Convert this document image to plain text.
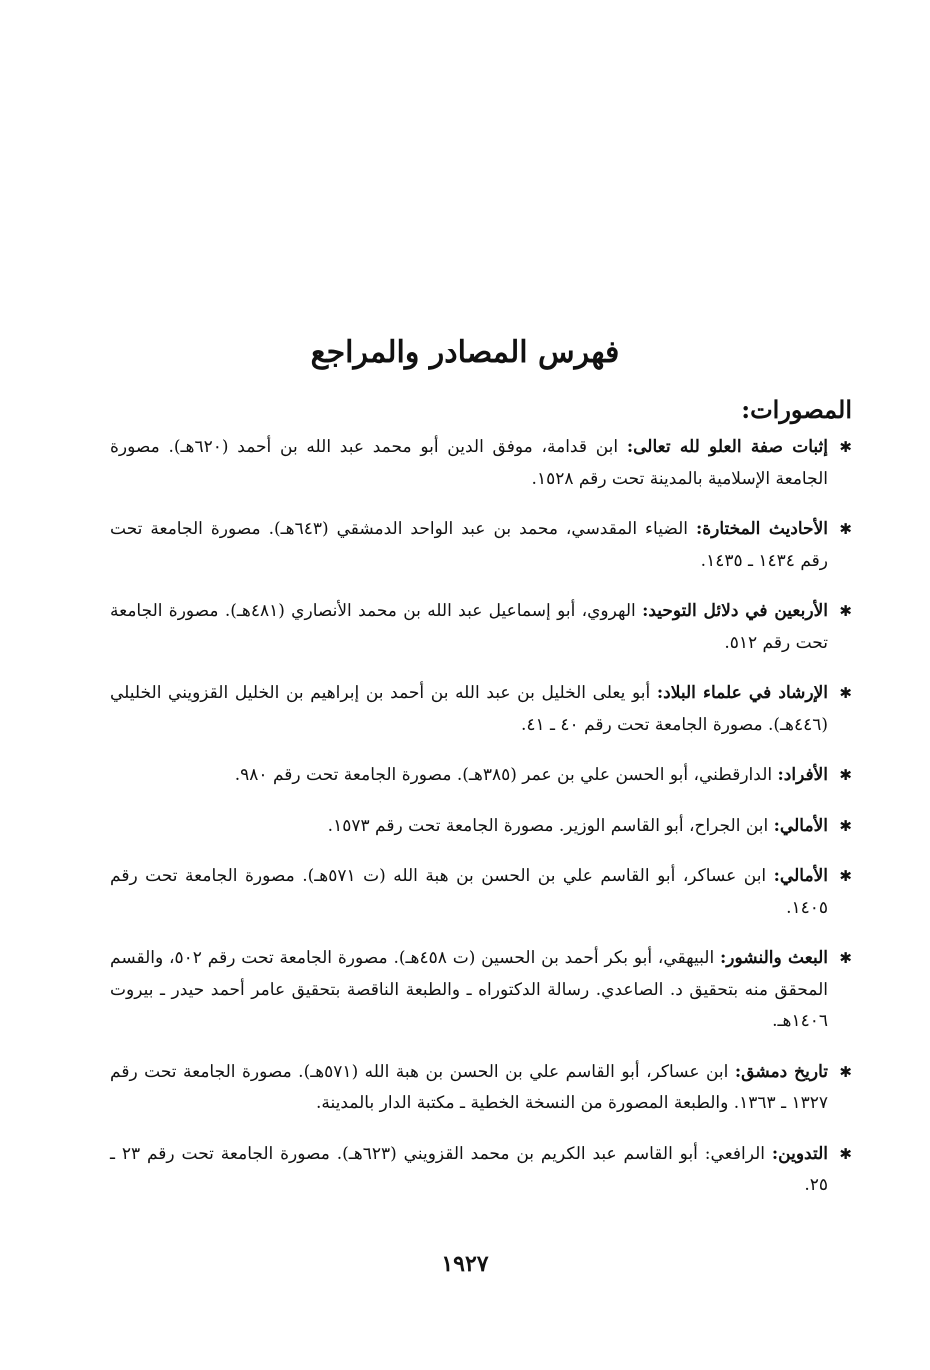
فهرس المصادر والمراجع
المصورات:
✱
إثبات صفة العلو لله تعالى: ابن قدامة، موفق الدين أبو محمد عبد الله بن أحمد (٦٢٠هـ). مصورة الجامعة الإسلامية بالمدينة تحت رقم ١٥٢٨.
✱
الأحاديث المختارة: الضياء المقدسي، محمد بن عبد الواحد الدمشقي (٦٤٣هـ). مصورة الجامعة تحت رقم ١٤٣٤ ـ ١٤٣٥.
✱
الأربعين في دلائل التوحيد: الهروي، أبو إسماعيل عبد الله بن محمد الأنصاري (٤٨١هـ). مصورة الجامعة تحت رقم ٥١٢.
✱
الإرشاد في علماء البلاد: أبو يعلى الخليل بن عبد الله بن أحمد بن إبراهيم بن الخليل القزويني الخليلي (٤٤٦هـ). مصورة الجامعة تحت رقم ٤٠ ـ ٤١.
✱
الأفراد: الدارقطني، أبو الحسن علي بن عمر (٣٨٥هـ). مصورة الجامعة تحت رقم ٩٨٠.
✱
الأمالي: ابن الجراح، أبو القاسم الوزير. مصورة الجامعة تحت رقم ١٥٧٣.
✱
الأمالي: ابن عساكر، أبو القاسم علي بن الحسن بن هبة الله (ت ٥٧١هـ). مصورة الجامعة تحت رقم ١٤٠٥.
✱
البعث والنشور: البيهقي، أبو بكر أحمد بن الحسين (ت ٤٥٨هـ). مصورة الجامعة تحت رقم ٥٠٢، والقسم المحقق منه بتحقيق د. الصاعدي. رسالة الدكتوراه ـ والطبعة الناقصة بتحقيق عامر أحمد حيدر ـ بيروت ١٤٠٦هـ.
✱
تاريخ دمشق: ابن عساكر، أبو القاسم علي بن الحسن بن هبة الله (٥٧١هـ). مصورة الجامعة تحت رقم ١٣٢٧ ـ ١٣٦٣. والطبعة المصورة من النسخة الخطية ـ مكتبة الدار بالمدينة.
✱
التدوين: الرافعي: أبو القاسم عبد الكريم بن محمد القزويني (٦٢٣هـ). مصورة الجامعة تحت رقم ٢٣ ـ ٢٥.
١٩٢٧
